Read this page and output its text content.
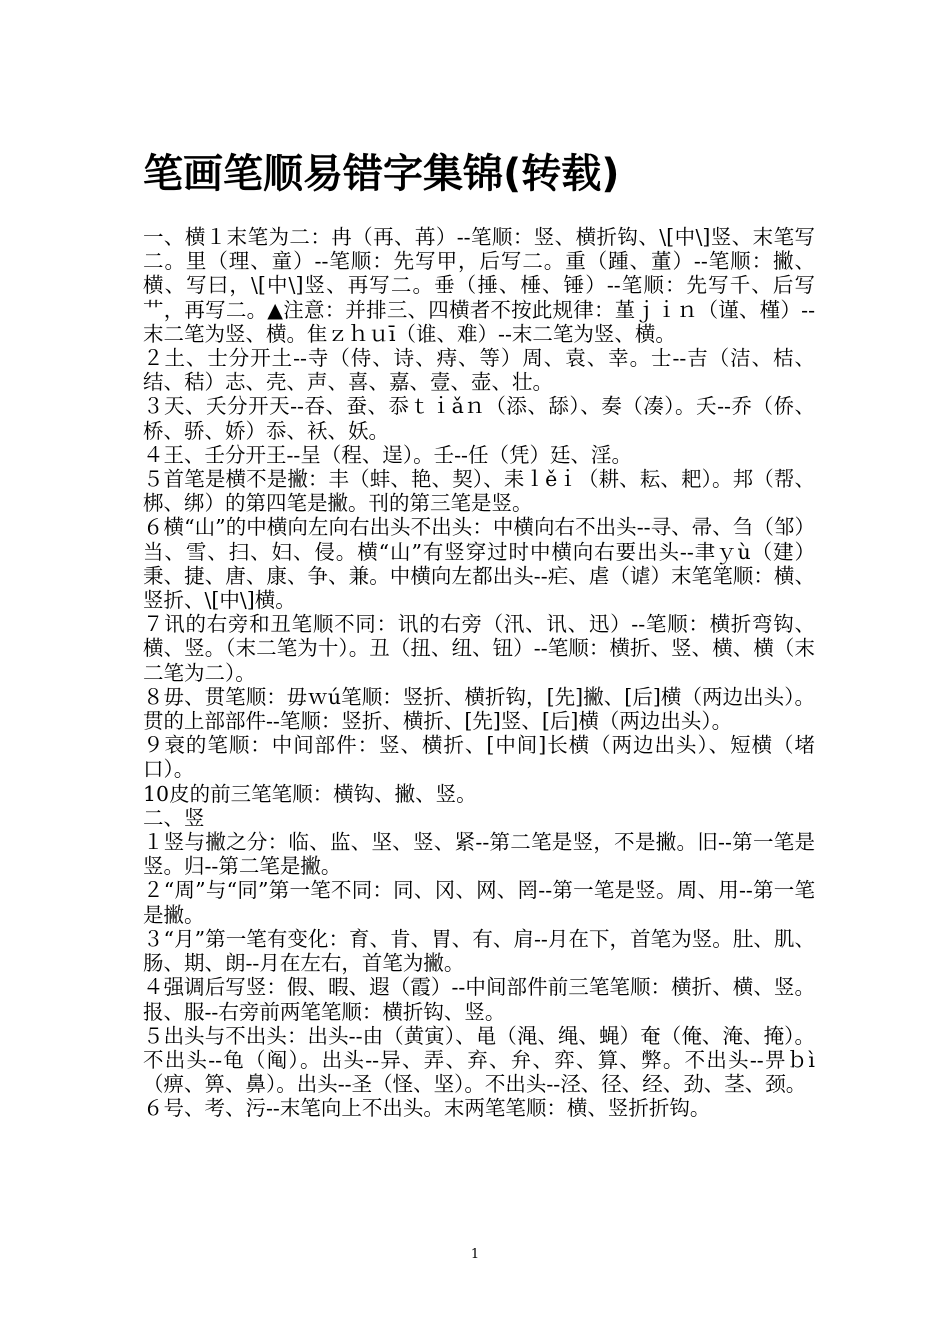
笔画笔顺易错字集锦(转载)

一、横１末笔为二：冉（再、苒）--笔顺：竖、横折钩、\[中\]竖、末笔写二。里（理、童）--笔顺：先写甲，后写二。重（踵、董）--笔顺：撇、横、写曰，\[中\]竖、再写二。垂（捶、棰、锤）--笔顺：先写千、后写艹，再写二。▲注意：并排三、四横者不按此规律：堇ｊｉｎ（谨、槿）--末二笔为竖、横。隹ｚｈｕī（谁、难）--末二笔为竖、横。

２土、士分开土--寺（侍、诗、痔、等）周、袁、幸。士--吉（洁、桔、结、秸）志、壳、声、喜、嘉、壹、壶、壮。

３天、夭分开天--吞、蚕、忝ｔｉǎｎ（添、舔）、奏（凑）。夭--乔（侨、桥、骄、娇）忝、袄、妖。

４王、壬分开王--呈（程、逞）。壬--任（凭）廷、淫。

５首笔是横不是撇：丰（蚌、艳、契）、耒ｌěｉ（耕、耘、耙）。邦（帮、梆、绑）的第四笔是撇。刊的第三笔是竖。

６横“山”的中横向左向右出头不出头：中横向右不出头--寻、帚、刍（邹）当、雪、扫、妇、侵。横“山”有竖穿过时中横向右要出头--聿ｙù（建）秉、捷、唐、康、争、兼。中横向左都出头--疟、虐（谑）末笔笔顺：横、竖折、\[中\]横。

７讯的右旁和丑笔顺不同：讯的右旁（汛、讯、迅）--笔顺：横折弯钩、横、竖。（末二笔为十）。丑（扭、纽、钮）--笔顺：横折、竖、横、横（末二笔为二）。

８毋、贯笔顺：毋ｗú笔顺：竖折、横折钩，[先]撇、[后]横（两边出头）。贯的上部部件--笔顺：竖折、横折、[先]竖、[后]横（两边出头）。

９衰的笔顺：中间部件：竖、横折、[中间]长横（两边出头）、短横（堵口）。

10皮的前三笔笔顺：横钩、撇、竖。

二、竖

１竖与撇之分：临、监、坚、竖、紧--第二笔是竖，不是撇。旧--第一笔是竖。归--第二笔是撇。

２“周”与“同”第一笔不同：同、冈、网、罔--第一笔是竖。周、用--第一笔是撇。

３“月”第一笔有变化：育、肯、胃、有、肩--月在下，首笔为竖。肚、肌、肠、期、朗--月在左右，首笔为撇。

４强调后写竖：假、暇、遐（霞）--中间部件前三笔笔顺：横折、横、竖。报、服--右旁前两笔笔顺：横折钩、竖。

５出头与不出头：出头--由（黄寅）、黾（渑、绳、蝇）奄（俺、淹、掩）。不出头--龟（阄）。出头--异、弄、弃、弁、弈、算、弊。不出头--畀ｂì（痹、箅、鼻）。出头--圣（怪、坚）。不出头--泾、径、经、劲、茎、颈。

６号、考、污--末笔向上不出头。末两笔笔顺：横、竖折折钩。

1
